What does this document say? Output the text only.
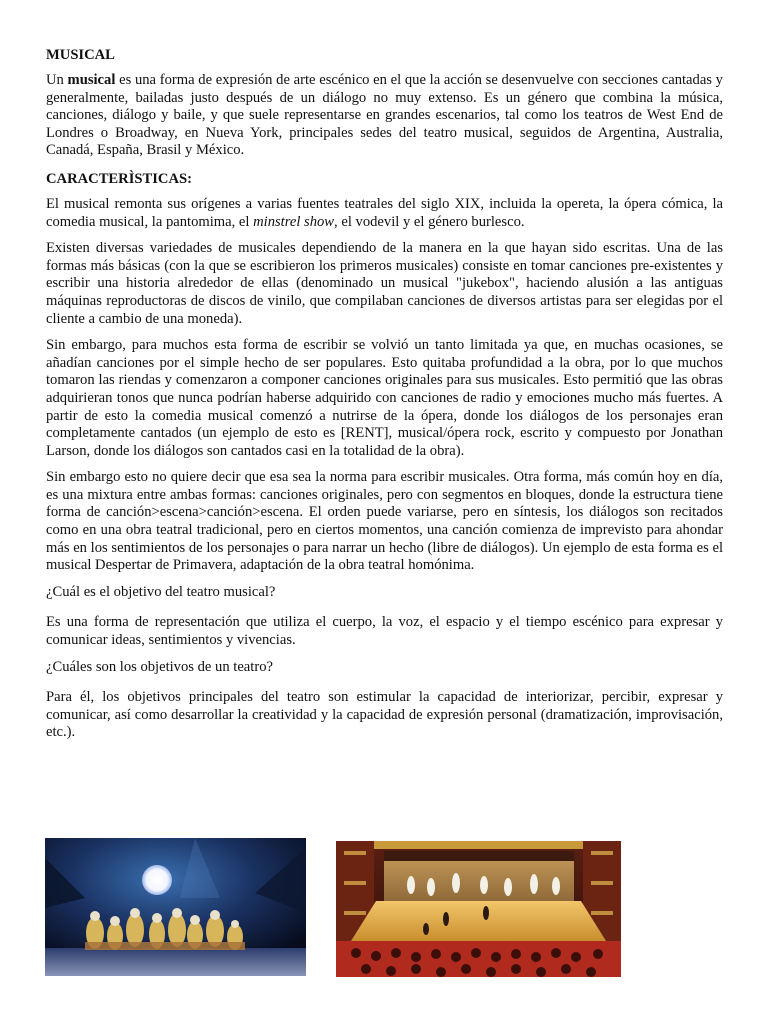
MUSICAL

Un musical es una forma de expresión de arte escénico en el que la acción se desenvuelve con secciones cantadas y generalmente, bailadas justo después de un diálogo no muy extenso. Es un género que combina la música, canciones, diálogo y baile, y que suele representarse en grandes escenarios, tal como los teatros de West End de Londres o Broadway, en Nueva York, principales sedes del teatro musical, seguidos de Argentina, Australia, Canadá, España, Brasil y México.

CARACTERÌSTICAS:

El musical remonta sus orígenes a varias fuentes teatrales del siglo XIX, incluida la opereta, la ópera cómica, la comedia musical, la pantomima, el minstrel show, el vodevil y el género burlesco.

Existen diversas variedades de musicales dependiendo de la manera en la que hayan sido escritas. Una de las formas más básicas (con la que se escribieron los primeros musicales) consiste en tomar canciones pre-existentes y escribir una historia alrededor de ellas (denominado un musical "jukebox", haciendo alusión a las antiguas máquinas reproductoras de discos de vinilo, que compilaban canciones de diversos artistas para ser elegidas por el cliente a cambio de una moneda).

Sin embargo, para muchos esta forma de escribir se volvió un tanto limitada ya que, en muchas ocasiones, se añadían canciones por el simple hecho de ser populares. Esto quitaba profundidad a la obra, por lo que muchos tomaron las riendas y comenzaron a componer canciones originales para sus musicales. Esto permitió que las obras adquirieran tonos que nunca podrían haberse adquirido con canciones de radio y emociones mucho más fuertes. A partir de esto la comedia musical comenzó a nutrirse de la ópera, donde los diálogos de los personajes eran completamente cantados (un ejemplo de esto es [RENT], musical/ópera rock, escrito y compuesto por Jonathan Larson, donde los diálogos son cantados casi en la totalidad de la obra).

Sin embargo esto no quiere decir que esa sea la norma para escribir musicales. Otra forma, más común hoy en día, es una mixtura entre ambas formas: canciones originales, pero con segmentos en bloques, donde la estructura tiene forma de canción>escena>canción>escena. El orden puede variarse, pero en síntesis, los diálogos son recitados como en una obra teatral tradicional, pero en ciertos momentos, una canción comienza de imprevisto para ahondar más en los sentimientos de los personajes o para narrar un hecho (libre de diálogos). Un ejemplo de esta forma es el musical Despertar de Primavera, adaptación de la obra teatral homónima.

¿Cuál es el objetivo del teatro musical?

Es una forma de representación que utiliza el cuerpo, la voz, el espacio y el tiempo escénico para expresar y comunicar ideas, sentimientos y vivencias.

¿Cuáles son los objetivos de un teatro?

Para él, los objetivos principales del teatro son estimular la capacidad de interiorizar, percibir, expresar y comunicar, así como desarrollar la creatividad y la capacidad de expresión personal (dramatización, improvisación, etc.).
